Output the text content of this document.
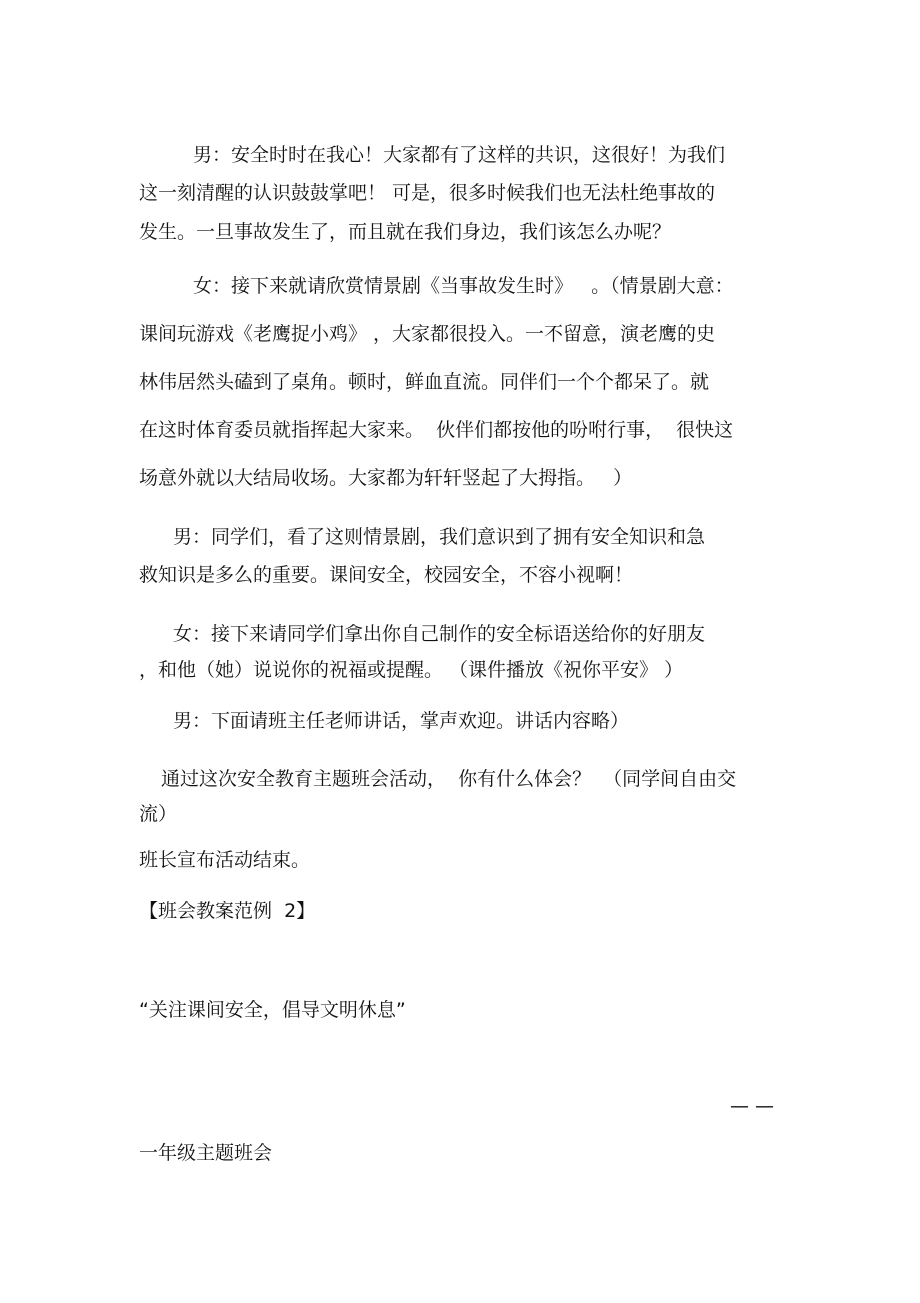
男：安全时时在我心！大家都有了这样的共识，这很好！为我们
这一刻清醒的认识鼓鼓掌吧！ 可是，很多时候我们也无法杜绝事故的
发生。一旦事故发生了，而且就在我们身边，我们该怎么办呢？
女：接下来就请欣赏情景剧《当事故发生时》   。（情景剧大意：
课间玩游戏《老鹰捉小鸡》 ，大家都很投入。一不留意，演老鹰的史
林伟居然头磕到了桌角。顿时，鲜血直流。同伴们一个个都呆了。就
在这时体育委员就指挥起大家来。  伙伴们都按他的吩咐行事，  很快这
场意外就以大结局收场。大家都为轩轩竖起了大拇指。   ）
男：同学们，看了这则情景剧，我们意识到了拥有安全知识和急
救知识是多么的重要。课间安全，校园安全，不容小视啊！
女：接下来请同学们拿出你自己制作的安全标语送给你的好朋友
，和他（她）说说你的祝福或提醒。 （课件播放《祝你平安》 ）
男：下面请班主任老师讲话，掌声欢迎。讲话内容略）
通过这次安全教育主题班会活动，  你有什么体会？  （同学间自由交
流）
班长宣布活动结束。
【班会教案范例  2】
“关注课间安全，倡导文明休息”
— —
一年级主题班会
